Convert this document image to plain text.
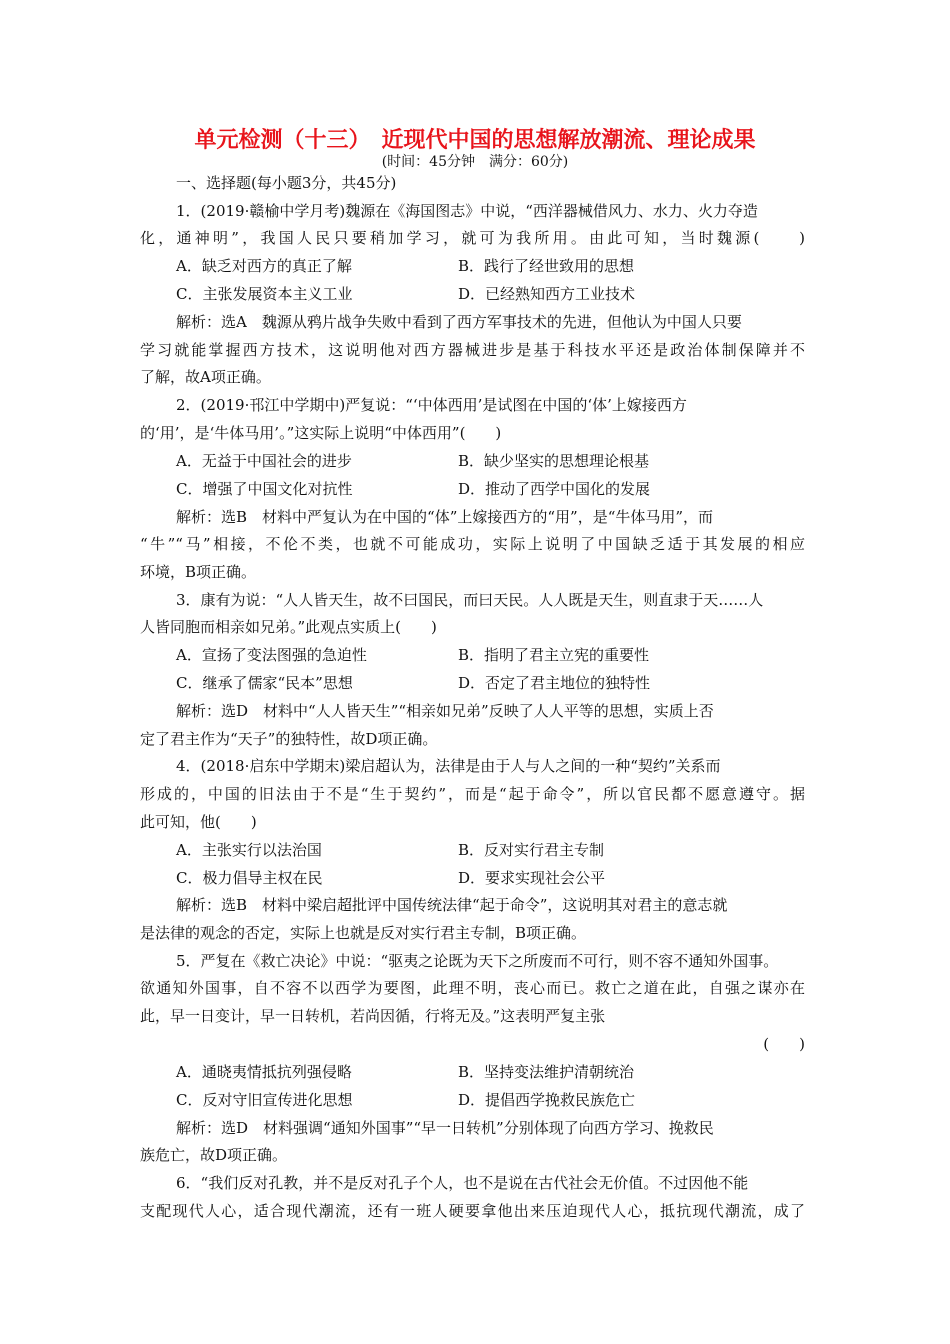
单元检测（十三）　近现代中国的思想解放潮流、理论成果
(时间：45分钟　满分：60分)
一、选择题(每小题3分，共45分)
1．(2019·赣榆中学月考)魏源在《海国图志》中说，“西洋器械借风力、水力、火力夺造
化，通神明”，我国人民只要稍加学习，就可为我所用。由此可知，当时魏源(　　)
A．缺乏对西方的真正了解	B．践行了经世致用的思想
C．主张发展资本主义工业	D．已经熟知西方工业技术
解析：选A　魏源从鸦片战争失败中看到了西方军事技术的先进，但他认为中国人只要
学习就能掌握西方技术，这说明他对西方器械进步是基于科技水平还是政治体制保障并不
了解，故A项正确。
2．(2019·邗江中学期中)严复说：“‘中体西用’是试图在中国的‘体’上嫁接西方
的‘用’，是‘牛体马用’。”这实际上说明“中体西用”(　　)
A．无益于中国社会的进步	B．缺少坚实的思想理论根基
C．增强了中国文化对抗性	D．推动了西学中国化的发展
解析：选B　材料中严复认为在中国的“体”上嫁接西方的“用”，是“牛体马用”，而
“牛”“马”相接，不伦不类，也就不可能成功，实际上说明了中国缺乏适于其发展的相应
环境，B项正确。
3．康有为说：“人人皆天生，故不曰国民，而曰天民。人人既是天生，则直隶于天……人
人皆同胞而相亲如兄弟。”此观点实质上(　　)
A．宣扬了变法图强的急迫性	B．指明了君主立宪的重要性
C．继承了儒家“民本”思想	D．否定了君主地位的独特性
解析：选D　材料中“人人皆天生”“相亲如兄弟”反映了人人平等的思想，实质上否
定了君主作为“天子”的独特性，故D项正确。
4．(2018·启东中学期末)梁启超认为，法律是由于人与人之间的一种“契约”关系而
形成的，中国的旧法由于不是“生于契约”，而是“起于命令”，所以官民都不愿意遵守。据
此可知，他(　　)
A．主张实行以法治国	B．反对实行君主专制
C．极力倡导主权在民	D．要求实现社会公平
解析：选B　材料中梁启超批评中国传统法律“起于命令”，这说明其对君主的意志就
是法律的观念的否定，实际上也就是反对实行君主专制，B项正确。
5．严复在《救亡决论》中说：“驱夷之论既为天下之所废而不可行，则不容不通知外国事。
欲通知外国事，自不容不以西学为要图，此理不明，丧心而已。救亡之道在此，自强之谋亦在
此，早一日变计，早一日转机，若尚因循，行将无及。”这表明严复主张
(　　)
A．通晓夷情抵抗列强侵略	B．坚持变法维护清朝统治
C．反对守旧宣传进化思想	D．提倡西学挽救民族危亡
解析：选D　材料强调“通知外国事”“早一日转机”分别体现了向西方学习、挽救民
族危亡，故D项正确。
6．“我们反对孔教，并不是反对孔子个人，也不是说在古代社会无价值。不过因他不能
支配现代人心，适合现代潮流，还有一班人硬要拿他出来压迫现代人心，抵抗现代潮流，成了
